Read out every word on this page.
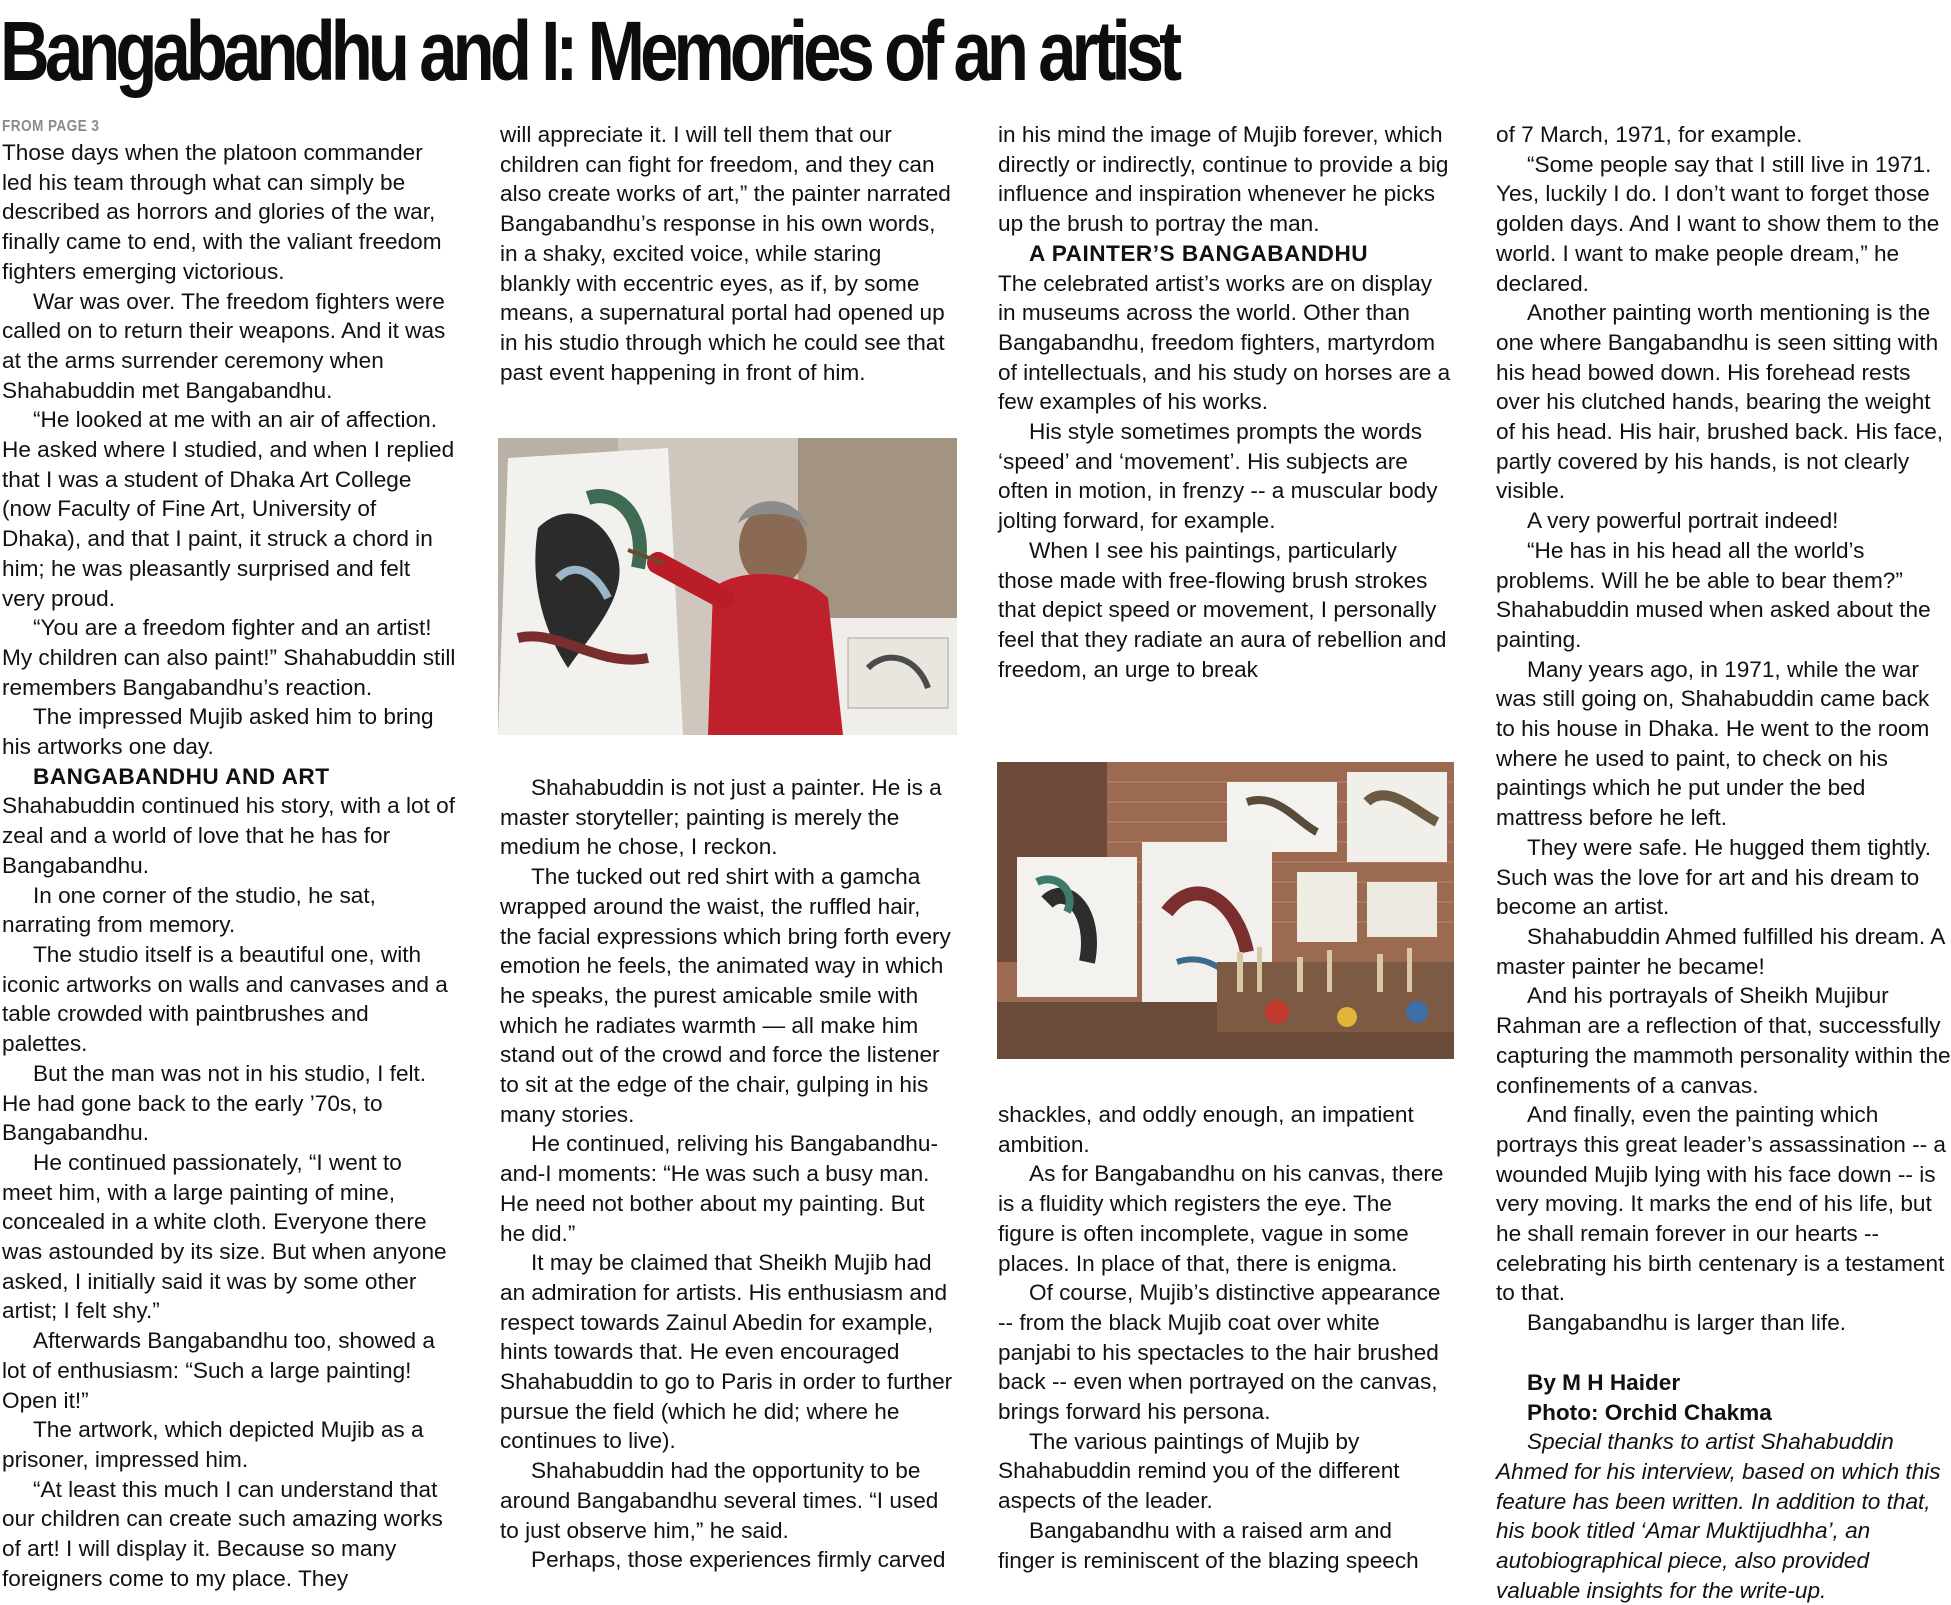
Bangabandhu and I: Memories of an artist
FROM PAGE 3

Those days when the platoon commander led his team through what can simply be described as horrors and glories of the war, finally came to end, with the valiant freedom fighters emerging victorious.

War was over. The freedom fighters were called on to return their weapons. And it was at the arms surrender ceremony when Shahabuddin met Bangabandhu.

“He looked at me with an air of affection. He asked where I studied, and when I replied that I was a student of Dhaka Art College (now Faculty of Fine Art, University of Dhaka), and that I paint, it struck a chord in him; he was pleasantly surprised and felt very proud.

“You are a freedom fighter and an artist! My children can also paint!” Shahabuddin still remembers Bangabandhu’s reaction.

The impressed Mujib asked him to bring his artworks one day.

BANGABANDHU AND ART

Shahabuddin continued his story, with a lot of zeal and a world of love that he has for Bangabandhu.

In one corner of the studio, he sat, narrating from memory.

The studio itself is a beautiful one, with iconic artworks on walls and canvases and a table crowded with paintbrushes and palettes.

But the man was not in his studio, I felt. He had gone back to the early ’70s, to Bangabandhu.

He continued passionately, “I went to meet him, with a large painting of mine, concealed in a white cloth. Everyone there was astounded by its size. But when anyone asked, I initially said it was by some other artist; I felt shy.”

Afterwards Bangabandhu too, showed a lot of enthusiasm: “Such a large painting! Open it!”

The artwork, which depicted Mujib as a prisoner, impressed him.

“At least this much I can understand that our children can create such amazing works of art! I will display it. Because so many foreigners come to my place. They

will appreciate it. I will tell them that our children can fight for freedom, and they can also create works of art,” the painter narrated Bangabandhu’s response in his own words, in a shaky, excited voice, while staring blankly with eccentric eyes, as if, by some means, a supernatural portal had opened up in his studio through which he could see that past event happening in front of him.

Shahabuddin is not just a painter. He is a master storyteller; painting is merely the medium he chose, I reckon.

The tucked out red shirt with a gamcha wrapped around the waist, the ruffled hair, the facial expressions which bring forth every emotion he feels, the animated way in which he speaks, the purest amicable smile with which he radiates warmth — all make him stand out of the crowd and force the listener to sit at the edge of the chair, gulping in his many stories.

He continued, reliving his Bangabandhu-and-I moments: “He was such a busy man. He need not bother about my painting. But he did.”

It may be claimed that Sheikh Mujib had an admiration for artists. His enthusiasm and respect towards Zainul Abedin for example, hints towards that. He even encouraged Shahabuddin to go to Paris in order to further pursue the field (which he did; where he continues to live).

Shahabuddin had the opportunity to be around Bangabandhu several times. “I used to just observe him,” he said.

Perhaps, those experiences firmly carved

in his mind the image of Mujib forever, which directly or indirectly, continue to provide a big influence and inspiration whenever he picks up the brush to portray the man.

A PAINTER’S BANGABANDHU

The celebrated artist’s works are on display in museums across the world. Other than Bangabandhu, freedom fighters, martyrdom of intellectuals, and his study on horses are a few examples of his works.

His style sometimes prompts the words ‘speed’ and ‘movement’. His subjects are often in motion, in frenzy -- a muscular body jolting forward, for example.

When I see his paintings, particularly those made with free-flowing brush strokes that depict speed or movement, I personally feel that they radiate an aura of rebellion and freedom, an urge to break

shackles, and oddly enough, an impatient ambition.

As for Bangabandhu on his canvas, there is a fluidity which registers the eye. The figure is often incomplete, vague in some places. In place of that, there is enigma.

Of course, Mujib’s distinctive appearance -- from the black Mujib coat over white panjabi to his spectacles to the hair brushed back -- even when portrayed on the canvas, brings forward his persona.

The various paintings of Mujib by Shahabuddin remind you of the different aspects of the leader.

Bangabandhu with a raised arm and finger is reminiscent of the blazing speech

of 7 March, 1971, for example.

“Some people say that I still live in 1971. Yes, luckily I do. I don’t want to forget those golden days. And I want to show them to the world. I want to make people dream,” he declared.

Another painting worth mentioning is the one where Bangabandhu is seen sitting with his head bowed down. His forehead rests over his clutched hands, bearing the weight of his head. His hair, brushed back. His face, partly covered by his hands, is not clearly visible.

A very powerful portrait indeed!

“He has in his head all the world’s problems. Will he be able to bear them?” Shahabuddin mused when asked about the painting.

Many years ago, in 1971, while the war was still going on, Shahabuddin came back to his house in Dhaka. He went to the room where he used to paint, to check on his paintings which he put under the bed mattress before he left.

They were safe. He hugged them tightly. Such was the love for art and his dream to become an artist.

Shahabuddin Ahmed fulfilled his dream. A master painter he became!

And his portrayals of Sheikh Mujibur Rahman are a reflection of that, successfully capturing the mammoth personality within the confinements of a canvas.

And finally, even the painting which portrays this great leader’s assassination -- a wounded Mujib lying with his face down -- is very moving. It marks the end of his life, but he shall remain forever in our hearts -- celebrating his birth centenary is a testament to that.

Bangabandhu is larger than life.

By M H Haider

Photo: Orchid Chakma

Special thanks to artist Shahabuddin Ahmed for his interview, based on which this feature has been written. In addition to that, his book titled ‘Amar Muktijudhha’, an autobiographical piece, also provided valuable insights for the write-up.
